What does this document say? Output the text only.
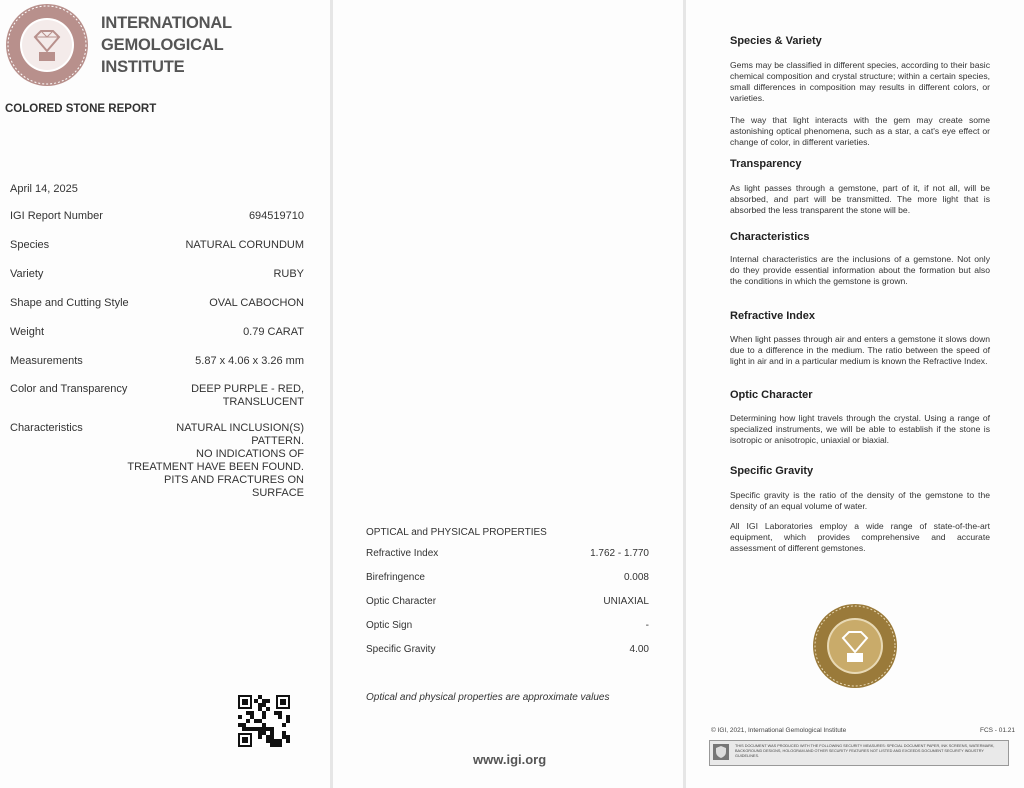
INTERNATIONAL
GEMOLOGICAL
INSTITUTE
COLORED STONE REPORT
April 14, 2025
IGI Report Number	694519710
Species	NATURAL CORUNDUM
Variety	RUBY
Shape and Cutting Style	OVAL CABOCHON
Weight	0.79 CARAT
Measurements	5.87 x 4.06 x 3.26 mm
Color and Transparency	DEEP PURPLE - RED,
TRANSLUCENT
Characteristics	NATURAL INCLUSION(S)
PATTERN.
NO INDICATIONS OF
TREATMENT HAVE BEEN FOUND.
PITS AND FRACTURES ON
SURFACE
OPTICAL and PHYSICAL PROPERTIES
Refractive Index	1.762 - 1.770
Birefringence	0.008
Optic Character	UNIAXIAL
Optic Sign	-
Specific Gravity	4.00
Optical and physical properties are approximate values
www.igi.org
Species & Variety

Gems may be classified in different species, according to their basic chemical composition and crystal structure; within a certain species, small differences in composition may results in different colors, or varieties.

The way that light interacts with the gem may create some astonishing optical phenomena, such as a star, a cat's eye effect or change of color, in different varieties.

Transparency

As light passes through a gemstone, part of it, if not all, will be absorbed, and part will be transmitted. The more light that is absorbed the less transparent the stone will be.

Characteristics

Internal characteristics are the inclusions of a gemstone. Not only do they provide essential information about the formation but also the conditions in which the gemstone is grown.

Refractive Index

When light passes through air and enters a gemstone it slows down due to a difference in the medium. The ratio between the speed of light in air and in a particular medium is known the Refractive Index.

Optic Character

Determining how light travels through the crystal. Using a range of specialized instruments, we will be able to establish if the stone is isotropic or anisotropic, uniaxial or biaxial.

Specific Gravity

Specific gravity is the ratio of the density of the gemstone to the density of an equal volume of water.

All IGI Laboratories employ a wide range of state-of-the-art equipment, which provides comprehensive and accurate assessment of different gemstones.

© IGI, 2021, International Gemological Institute	FCS - 01.21
THIS DOCUMENT WAS PRODUCED WITH THE FOLLOWING SECURITY MEASURES: SPECIAL DOCUMENT PAPER, INK SCREENS, WATERMARK, BACKGROUND DESIGNS, HOLOGRAM AND OTHER SECURITY FEATURES NOT LISTED AND EXCEEDS DOCUMENT SECURITY INDUSTRY GUIDELINES.
